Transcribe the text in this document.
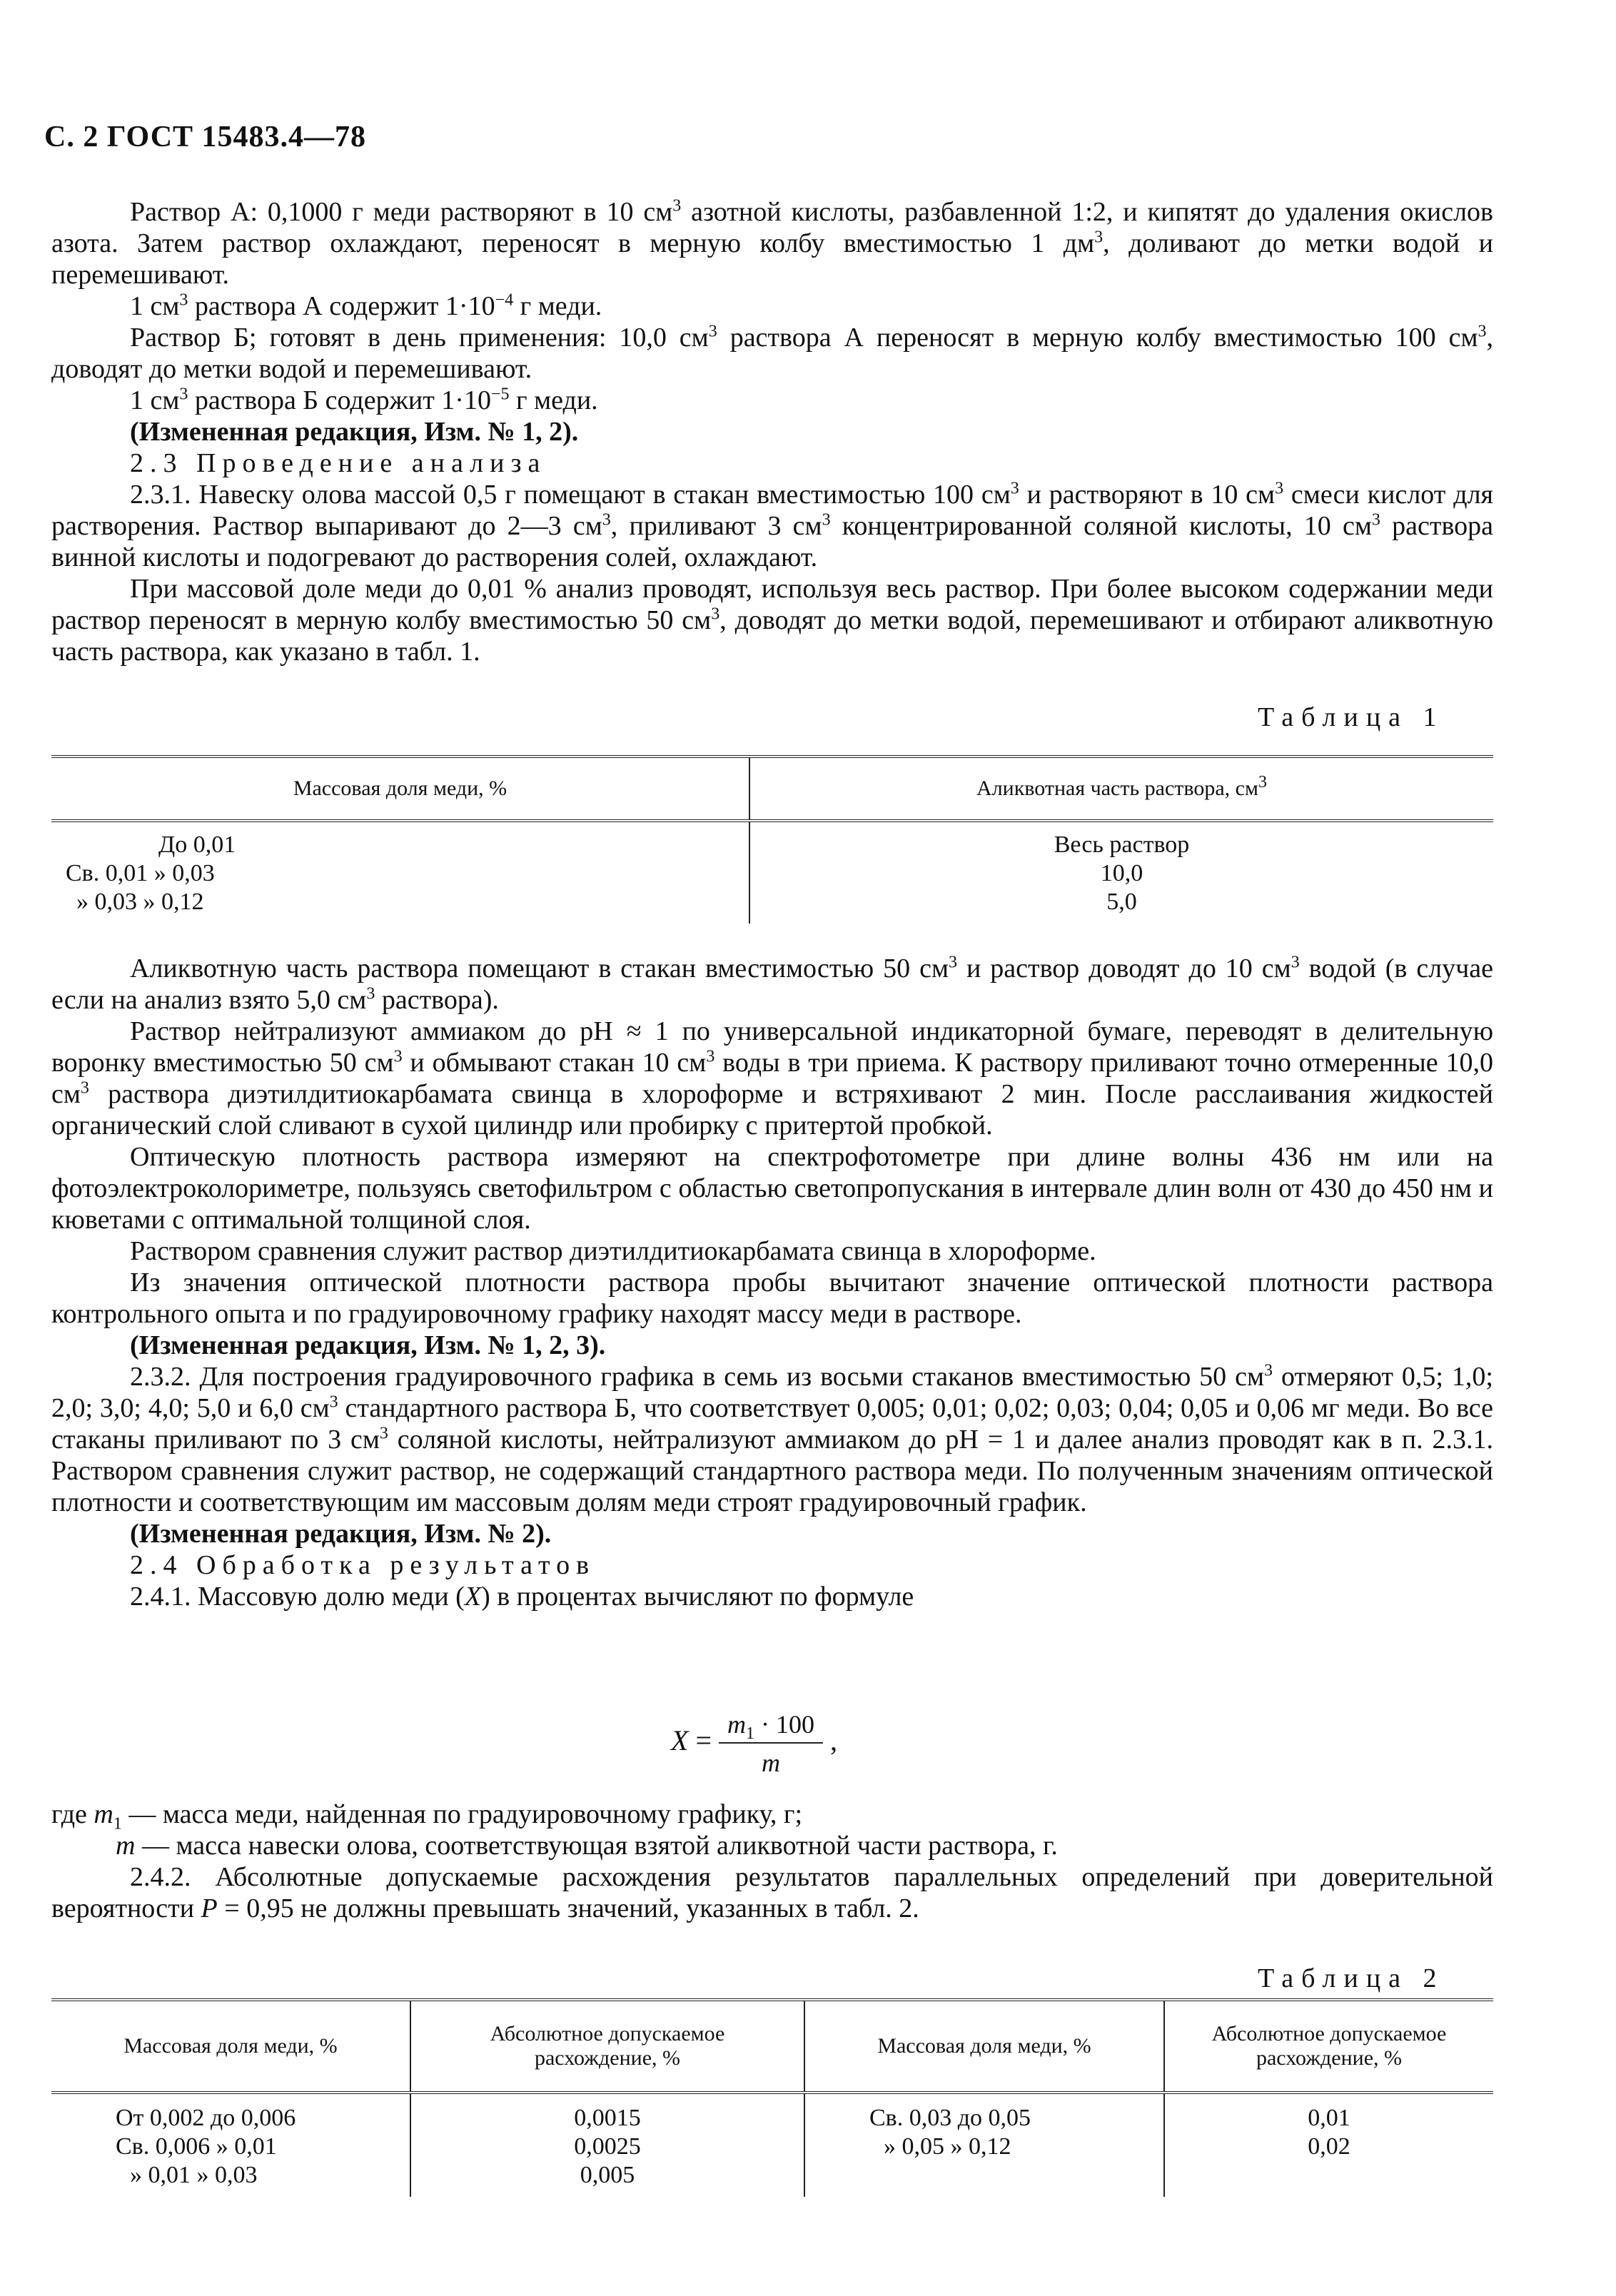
С. 2 ГОСТ 15483.4—78

Раствор А: 0,1000 г меди растворяют в 10 $см^3$ азотной кислоты, разбавленной 1:2, и кипятят до удаления окислов азота. Затем раствор охлаждают, переносят в мерную колбу вместимостью 1 $дм^3$, доливают до метки водой и перемешивают.

1 $см^3$ раствора А содержит $1\cdot 10^{-4}$ г меди.

Раствор Б; готовят в день применения: 10,0 $см^3$ раствора А переносят в мерную колбу вместимостью 100 $см^3$, доводят до метки водой и перемешивают.

1 $см^3$ раствора Б содержит $1\cdot 10^{-5}$ г меди.

(Измененная редакция, Изм. № 1, 2).

2.3 Проведение анализа

2.3.1. Навеску олова массой 0,5 г помещают в стакан вместимостью 100 $см^3$ и растворяют в 10 $см^3$ смеси кислот для растворения. Раствор выпаривают до 2—3 $см^3$, приливают 3 $см^3$ концентрированной соляной кислоты, 10 $см^3$ раствора винной кислоты и подогревают до растворения солей, охлаждают.

При массовой доле меди до 0,01 % анализ проводят, используя весь раствор. При более высоком содержании меди раствор переносят в мерную колбу вместимостью 50 $см^3$, доводят до метки водой, перемешивают и отбирают аликвотную часть раствора, как указано в табл. 1.

Таблица 1
Массовая доля меди, %	Аликвотная часть раствора, $см^3$
До 0,01	Весь раствор
Св. 0,01 » 0,03	10,0
» 0,03 » 0,12	5,0

Аликвотную часть раствора помещают в стакан вместимостью 50 $см^3$ и раствор доводят до 10 $см^3$ водой (в случае если на анализ взято 5,0 $см^3$ раствора).

Раствор нейтрализуют аммиаком до pH ≈ 1 по универсальной индикаторной бумаге, переводят в делительную воронку вместимостью 50 $см^3$ и обмывают стакан 10 $см^3$ воды в три приема. К раствору приливают точно отмеренные 10,0 $см^3$ раствора диэтилдитиокарбамата свинца в хлороформе и встряхивают 2 мин. После расслаивания жидкостей органический слой сливают в сухой цилиндр или пробирку с притертой пробкой.

Оптическую плотность раствора измеряют на спектрофотометре при длине волны 436 нм или на фотоэлектроколориметре, пользуясь светофильтром с областью светопропускания в интервале длин волн от 430 до 450 нм и кюветами с оптимальной толщиной слоя.

Раствором сравнения служит раствор диэтилдитиокарбамата свинца в хлороформе.

Из значения оптической плотности раствора пробы вычитают значение оптической плотности раствора контрольного опыта и по градуировочному графику находят массу меди в растворе.

(Измененная редакция, Изм. № 1, 2, 3).

2.3.2. Для построения градуировочного графика в семь из восьми стаканов вместимостью 50 $см^3$ отмеряют 0,5; 1,0; 2,0; 3,0; 4,0; 5,0 и 6,0 $см^3$ стандартного раствора Б, что соответствует 0,005; 0,01; 0,02; 0,03; 0,04; 0,05 и 0,06 мг меди. Во все стаканы приливают по 3 $см^3$ соляной кислоты, нейтрализуют аммиаком до pH = 1 и далее анализ проводят как в п. 2.3.1. Раствором сравнения служит раствор, не содержащий стандартного раствора меди. По полученным значениям оптической плотности и соответствующим им массовым долям меди строят градуировочный график.

(Измененная редакция, Изм. № 2).

2.4 Обработка результатов

2.4.1. Массовую долю меди (X) в процентах вычисляют по формуле

$X = \frac{m_1 \cdot 100}{m}$ ,

где $m_1$ — масса меди, найденная по градуировочному графику, г;

m — масса навески олова, соответствующая взятой аликвотной части раствора, г.

2.4.2. Абсолютные допускаемые расхождения результатов параллельных определений при доверительной вероятности P = 0,95 не должны превышать значений, указанных в табл. 2.

Таблица 2
Массовая доля меди, %	Абсолютное допускаемое расхождение, %	Массовая доля меди, %	Абсолютное допускаемое расхождение, %
От 0,002 до 0,006	0,0015	Св. 0,03 до 0,05	0,01
Св. 0,006 » 0,01	0,0025	» 0,05 » 0,12	0,02
» 0,01 » 0,03	0,005		
